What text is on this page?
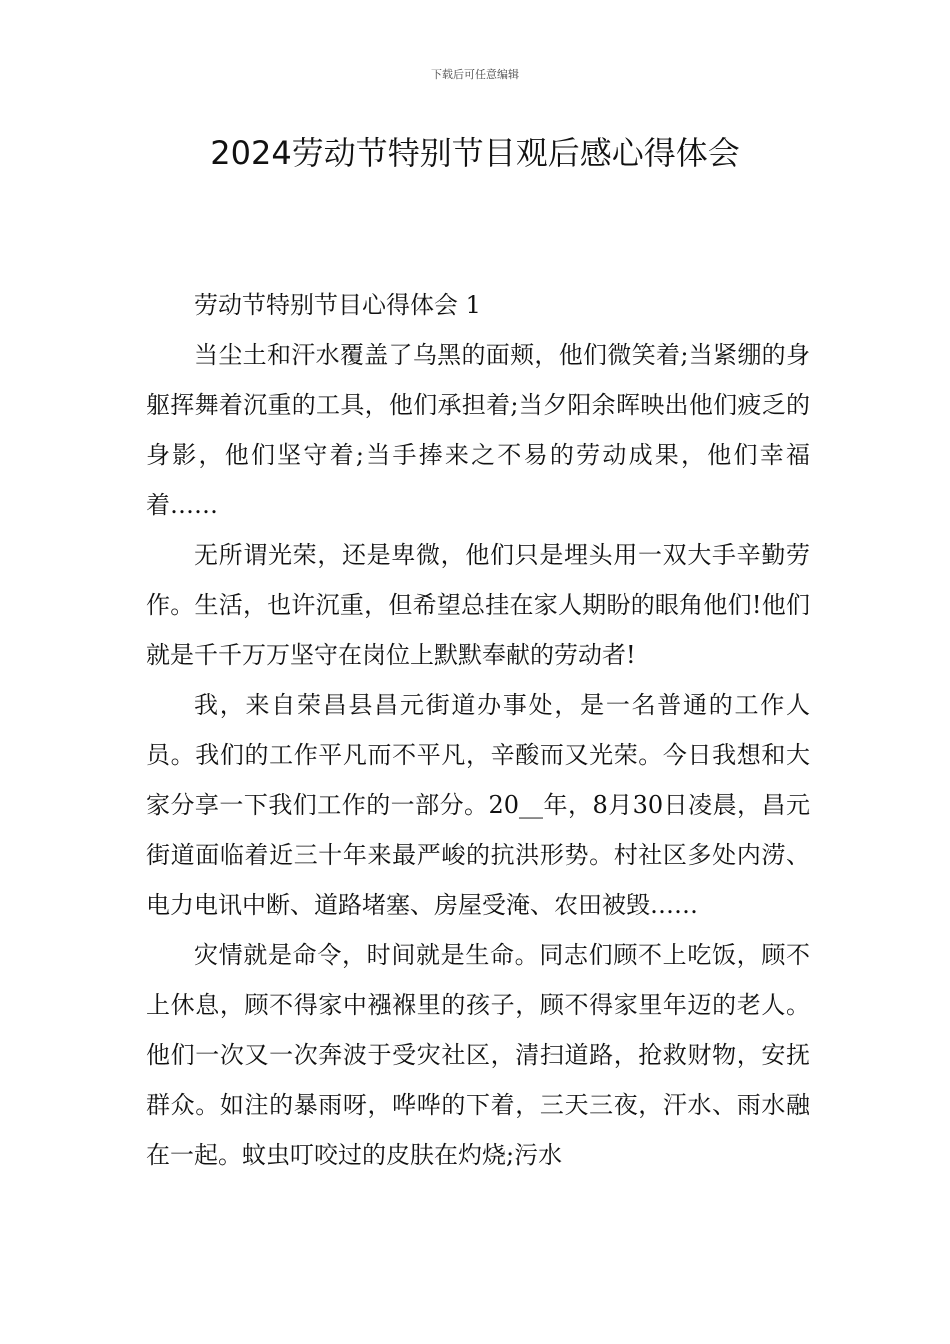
下载后可任意编辑
2024劳动节特别节目观后感心得体会

劳动节特别节目心得体会 1

当尘土和汗水覆盖了乌黑的面颊，他们微笑着;当紧绷的身躯挥舞着沉重的工具，他们承担着;当夕阳余晖映出他们疲乏的身影，他们坚守着;当手捧来之不易的劳动成果，他们幸福着……

无所谓光荣，还是卑微，他们只是埋头用一双大手辛勤劳作。生活，也许沉重，但希望总挂在家人期盼的眼角他们!他们就是千千万万坚守在岗位上默默奉献的劳动者!

我，来自荣昌县昌元街道办事处，是一名普通的工作人员。我们的工作平凡而不平凡，辛酸而又光荣。今日我想和大家分享一下我们工作的一部分。20__年，8月30日凌晨，昌元街道面临着近三十年来最严峻的抗洪形势。村社区多处内涝、电力电讯中断、道路堵塞、房屋受淹、农田被毁……

灾情就是命令，时间就是生命。同志们顾不上吃饭，顾不上休息，顾不得家中襁褓里的孩子，顾不得家里年迈的老人。他们一次又一次奔波于受灾社区，清扫道路，抢救财物，安抚群众。如注的暴雨呀，哗哗的下着，三天三夜，汗水、雨水融在一起。蚊虫叮咬过的皮肤在灼烧;污水
